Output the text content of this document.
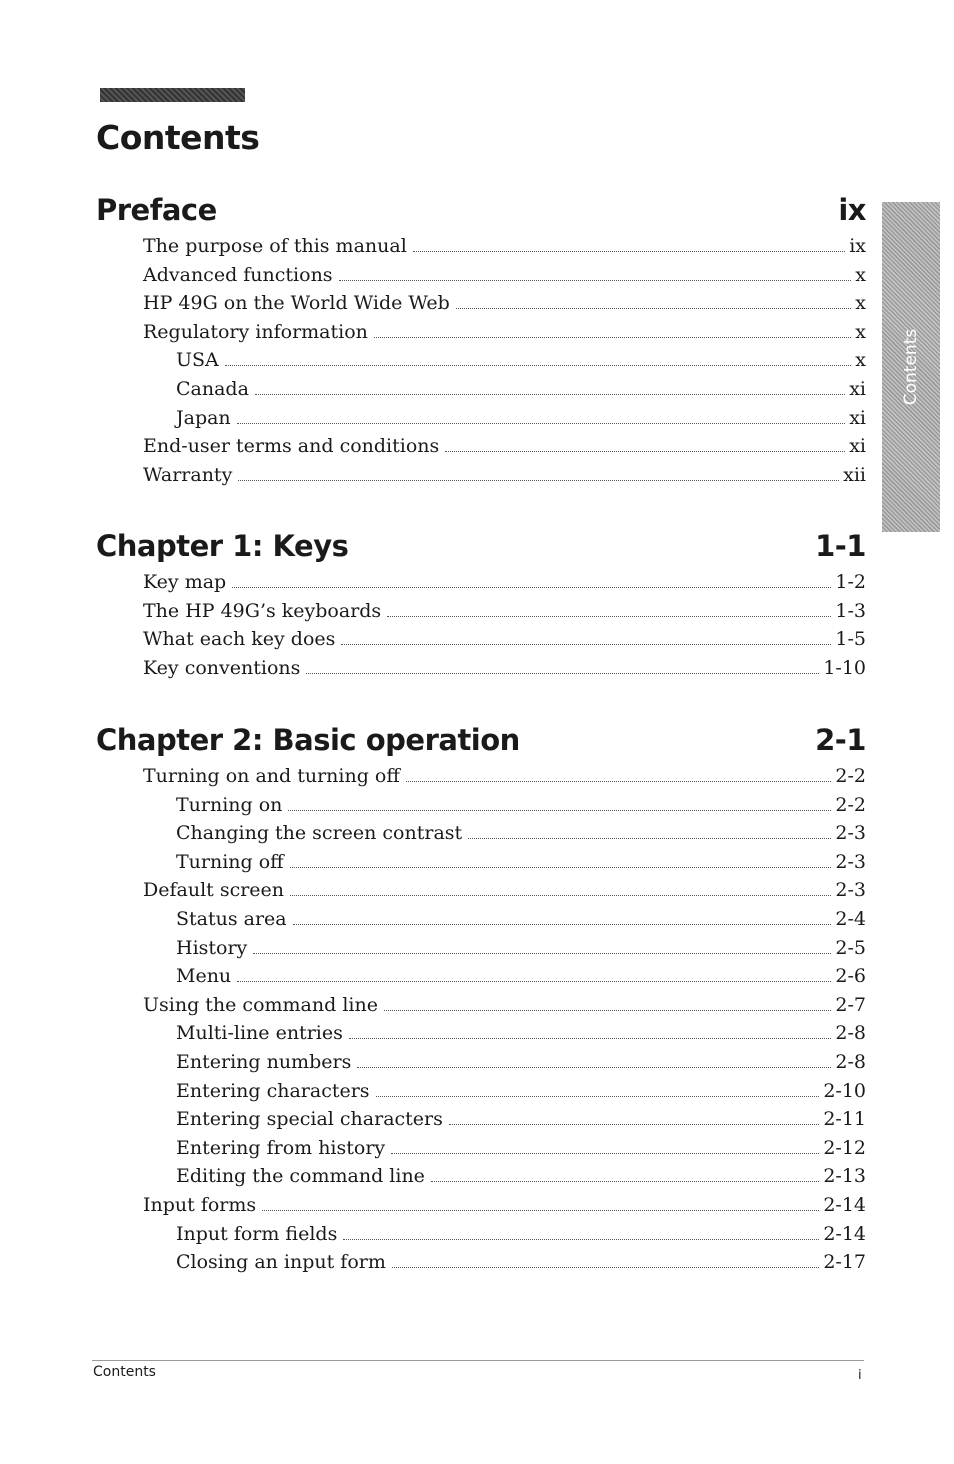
Contents
Contents
Preface	ix
The purpose of this manual	ix
Advanced functions	x
HP 49G on the World Wide Web	x
Regulatory information	x
USA	x
Canada	xi
Japan	xi
End-user terms and conditions	xi
Warranty	xii
Chapter 1: Keys	1-1
Key map	1-2
The HP 49G’s keyboards	1-3
What each key does	1-5
Key conventions	1-10
Chapter 2: Basic operation	2-1
Turning on and turning off	2-2
Turning on	2-2
Changing the screen contrast	2-3
Turning off	2-3
Default screen	2-3
Status area	2-4
History	2-5
Menu	2-6
Using the command line	2-7
Multi-line entries	2-8
Entering numbers	2-8
Entering characters	2-10
Entering special characters	2-11
Entering from history	2-12
Editing the command line	2-13
Input forms	2-14
Input form fields	2-14
Closing an input form	2-17
Contents	i
